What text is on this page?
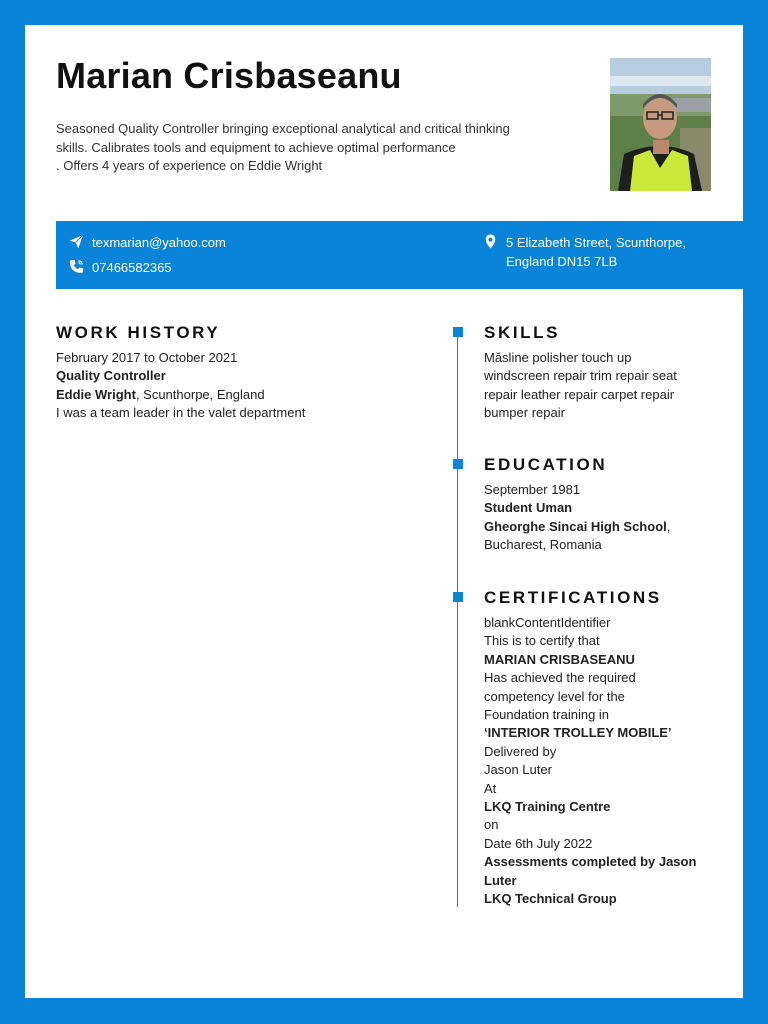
Marian Crisbaseanu
Seasoned Quality Controller bringing exceptional analytical and critical thinking
skills. Calibrates tools and equipment to achieve optimal performance
. Offers 4 years of experience on Eddie Wright
texmarian@yahoo.com
07466582365
5 Elizabeth Street, Scunthorpe,
England DN15 7LB
WORK HISTORY
February 2017 to October 2021
Quality Controller
Eddie Wright, Scunthorpe, England
I was a team leader in the valet department
SKILLS
Măsline polisher touch up
windscreen repair trim repair seat
repair leather repair carpet repair
bumper repair
EDUCATION
September 1981
Student Uman
Gheorghe Sincai High School,
Bucharest, Romania
CERTIFICATIONS
blankContentIdentifier
This is to certify that
MARIAN CRISBASEANU
Has achieved the required
competency level for the
Foundation training in
‘INTERIOR TROLLEY MOBILE’
Delivered by
Jason Luter
At
LKQ Training Centre
on
Date 6th July 2022
Assessments completed by Jason
Luter
LKQ Technical Group
